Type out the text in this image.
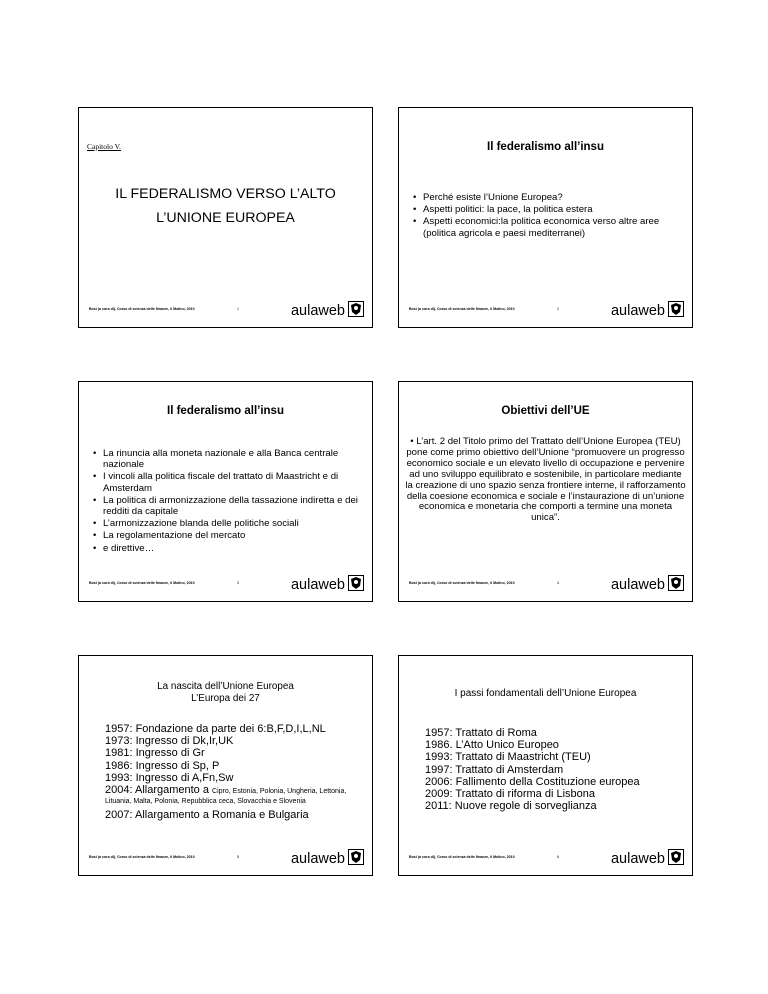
Capitolo V.
IL FEDERALISMO VERSO L’ALTO
L’UNIONE EUROPEA
Bosi (a cura di), Corso di scienza delle finanze, il Mulino, 2010	1	aulaweb
Il federalismo all’insu
• Perché esiste l’Unione Europea?
• Aspetti politici: la pace, la politica estera
• Aspetti economici:la politica economica verso altre aree (politica agricola e paesi mediterranei)
Bosi (a cura di), Corso di scienza delle finanze, il Mulino, 2010	2	aulaweb
Il federalismo all’insu
• La rinuncia alla moneta nazionale e alla Banca centrale nazionale
• I vincoli alla politica fiscale del trattato di Maastricht e di Amsterdam
• La politica di armonizzazione della tassazione indiretta e dei redditi da capitale
• L’armonizzazione blanda delle politiche sociali
• La regolamentazione del mercato
• e direttive…
Bosi (a cura di), Corso di scienza delle finanze, il Mulino, 2010	3	aulaweb
Obiettivi dell’UE
• L’art. 2 del Titolo primo del Trattato dell’Unione Europea (TEU) pone come primo obiettivo dell’Unione “promuovere un progresso economico sociale e un elevato livello di occupazione e pervenire ad uno sviluppo equilibrato e sostenibile, in particolare mediante la creazione di uno spazio senza frontiere interne, il rafforzamento della coesione economica e sociale e l’instaurazione di un’unione economica e monetaria che comporti a termine una moneta unica”.
Bosi (a cura di), Corso di scienza delle finanze, il Mulino, 2010	4	aulaweb
La nascita dell’Unione Europea
L’Europa dei 27
1957: Fondazione da parte dei 6:B,F,D,I,L,NL
1973: Ingresso di Dk,Ir,UK
1981: Ingresso di Gr
1986: Ingresso di Sp, P
1993: Ingresso di A,Fn,Sw
2004: Allargamento a Cipro, Estonia, Polonia, Ungheria, Lettonia, Lituania, Malta, Polonia, Repubblica ceca, Slovacchia e Slovenia
2007: Allargamento a Romania e Bulgaria
Bosi (a cura di), Corso di scienza delle finanze, il Mulino, 2010	5	aulaweb
I passi fondamentali dell’Unione Europea
1957: Trattato di Roma
1986. L’Atto Unico Europeo
1993: Trattato di Maastricht (TEU)
1997: Trattato di Amsterdam
2006: Fallimento della Costituzione europea
2009: Trattato di riforma di Lisbona
2011: Nuove regole di sorveglianza
Bosi (a cura di), Corso di scienza delle finanze, il Mulino, 2010	6	aulaweb
